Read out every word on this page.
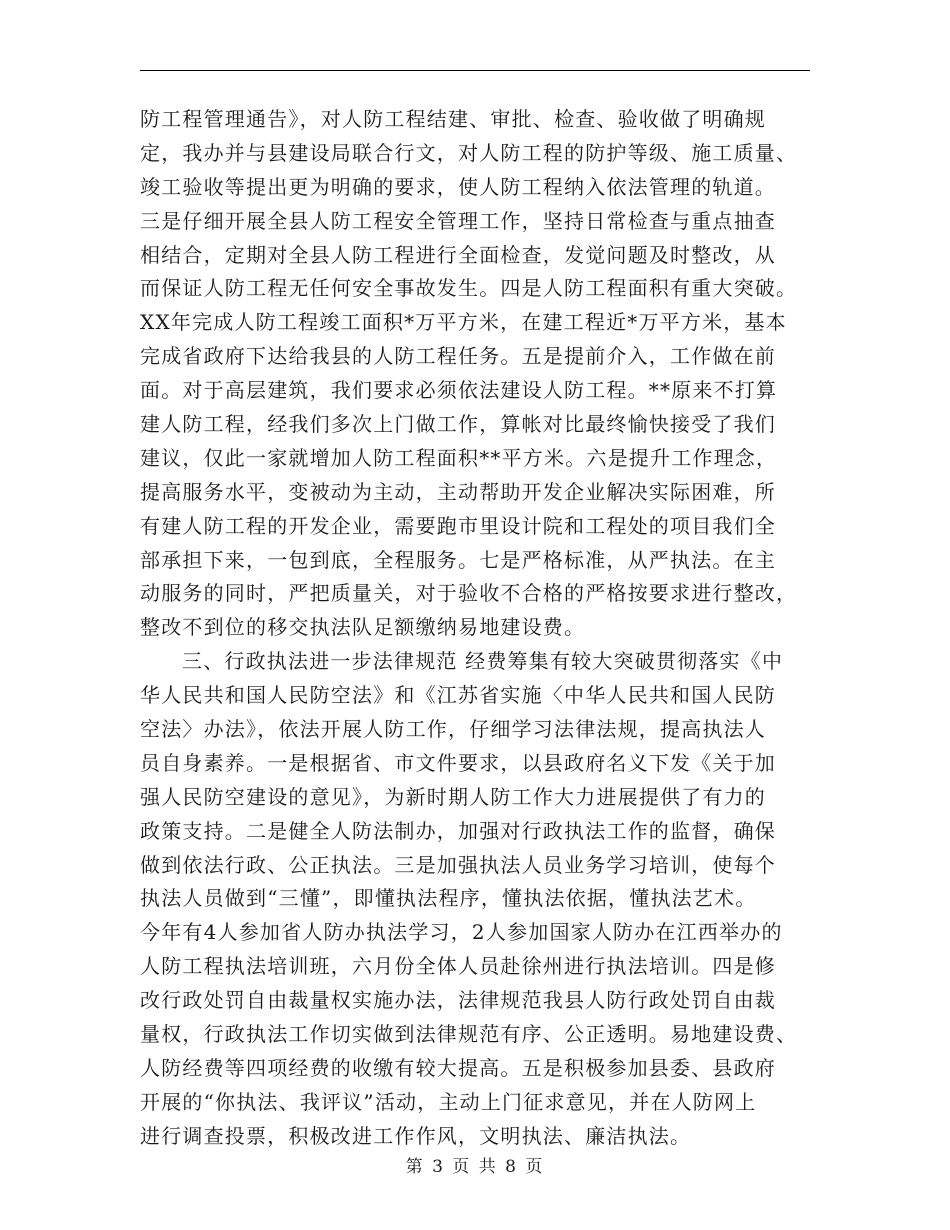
防工程管理通告》，对人防工程结建、审批、检查、验收做了明确规
定，我办并与县建设局联合行文，对人防工程的防护等级、施工质量、
竣工验收等提出更为明确的要求，使人防工程纳入依法管理的轨道。
三是仔细开展全县人防工程安全管理工作，坚持日常检查与重点抽查
相结合，定期对全县人防工程进行全面检查，发觉问题及时整改，从
而保证人防工程无任何安全事故发生。四是人防工程面积有重大突破。
XX年完成人防工程竣工面积*万平方米，在建工程近*万平方米，基本
完成省政府下达给我县的人防工程任务。五是提前介入，工作做在前
面。对于高层建筑，我们要求必须依法建设人防工程。**原来不打算
建人防工程，经我们多次上门做工作，算帐对比最终愉快接受了我们
建议，仅此一家就增加人防工程面积**平方米。六是提升工作理念，
提高服务水平，变被动为主动，主动帮助开发企业解决实际困难，所
有建人防工程的开发企业，需要跑市里设计院和工程处的项目我们全
部承担下来，一包到底，全程服务。七是严格标准，从严执法。在主
动服务的同时，严把质量关，对于验收不合格的严格按要求进行整改，
整改不到位的移交执法队足额缴纳易地建设费。
三、行政执法进一步法律规范 经费筹集有较大突破贯彻落实《中
华人民共和国人民防空法》和《江苏省实施〈中华人民共和国人民防
空法〉办法》，依法开展人防工作，仔细学习法律法规，提高执法人
员自身素养。一是根据省、市文件要求，以县政府名义下发《关于加
强人民防空建设的意见》，为新时期人防工作大力进展提供了有力的
政策支持。二是健全人防法制办，加强对行政执法工作的监督，确保
做到依法行政、公正执法。三是加强执法人员业务学习培训，使每个
执法人员做到“三懂”，即懂执法程序，懂执法依据，懂执法艺术。
今年有4人参加省人防办执法学习，2人参加国家人防办在江西举办的
人防工程执法培训班，六月份全体人员赴徐州进行执法培训。四是修
改行政处罚自由裁量权实施办法，法律规范我县人防行政处罚自由裁
量权，行政执法工作切实做到法律规范有序、公正透明。易地建设费、
人防经费等四项经费的收缴有较大提高。五是积极参加县委、县政府
开展的“你执法、我评议”活动，主动上门征求意见，并在人防网上
进行调查投票，积极改进工作作风，文明执法、廉洁执法。
第 3 页 共 8 页
